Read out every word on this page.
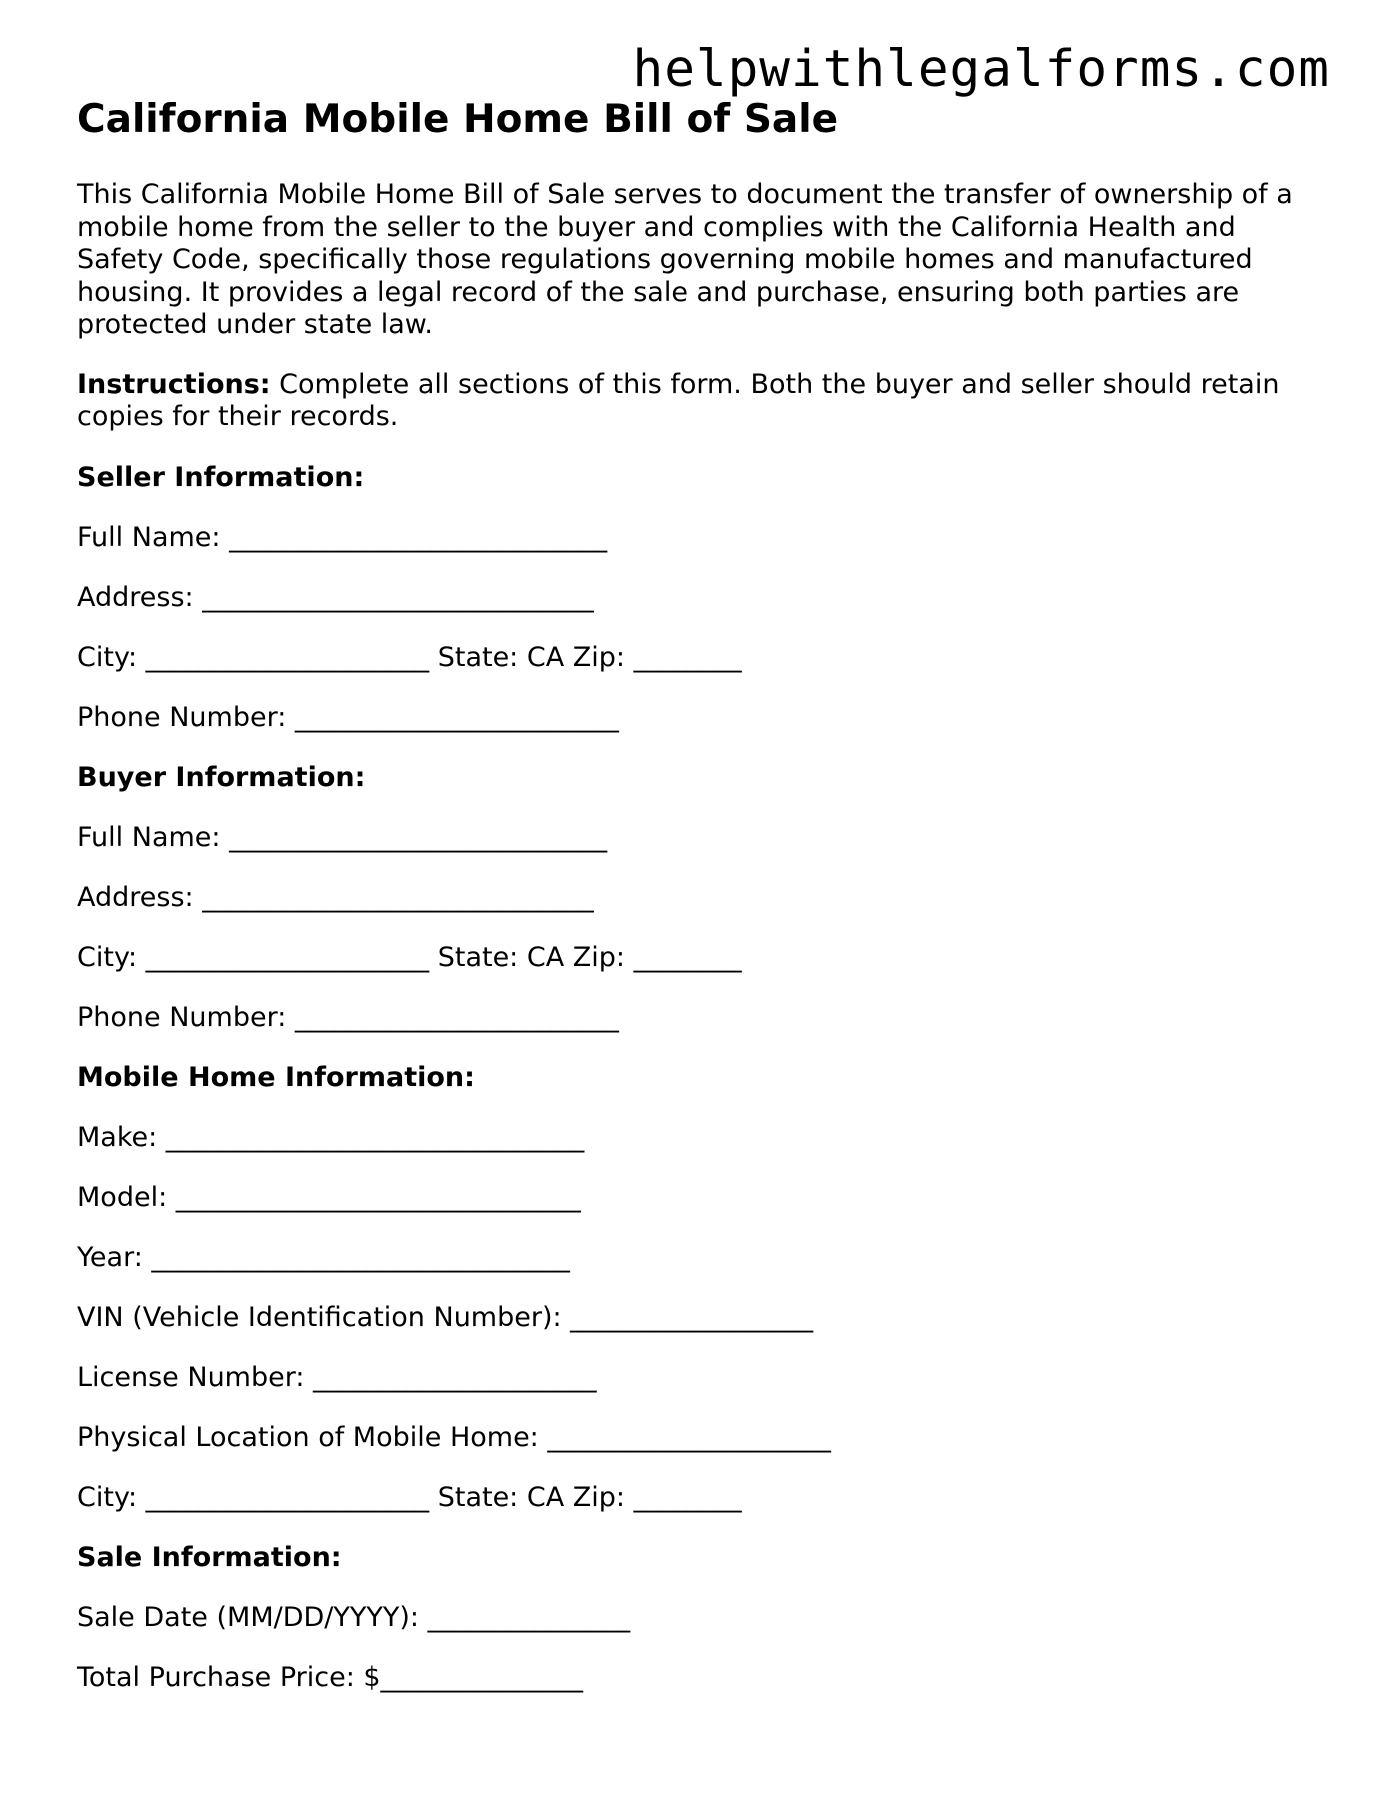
helpwithlegalforms.com
California Mobile Home Bill of Sale

This California Mobile Home Bill of Sale serves to document the transfer of ownership of a mobile home from the seller to the buyer and complies with the California Health and Safety Code, specifically those regulations governing mobile homes and manufactured housing. It provides a legal record of the sale and purchase, ensuring both parties are protected under state law.

Instructions: Complete all sections of this form. Both the buyer and seller should retain copies for their records.

Seller Information:
Full Name: ____________________________
Address: _____________________________
City: _____________________ State: CA Zip: ________
Phone Number: ________________________
Buyer Information:
Full Name: ____________________________
Address: _____________________________
City: _____________________ State: CA Zip: ________
Phone Number: ________________________
Mobile Home Information:
Make: _______________________________
Model: ______________________________
Year: _______________________________
VIN (Vehicle Identification Number): __________________
License Number: _____________________
Physical Location of Mobile Home: _____________________
City: _____________________ State: CA Zip: ________
Sale Information:
Sale Date (MM/DD/YYYY): _______________
Total Purchase Price: $_______________
